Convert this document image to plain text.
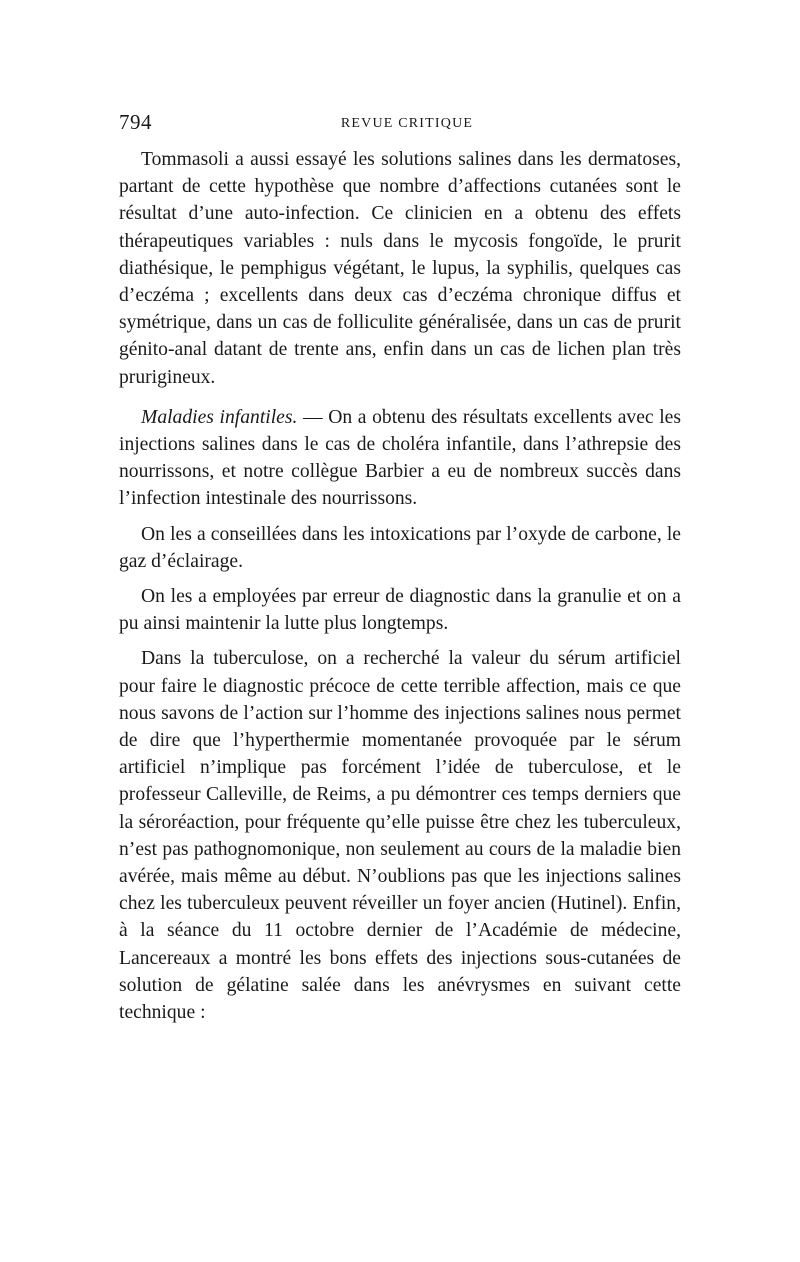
794	REVUE CRITIQUE

Tommasoli a aussi essayé les solutions salines dans les dermatoses, partant de cette hypothèse que nombre d’affections cutanées sont le résultat d’une auto-infection. Ce clinicien en a obtenu des effets thérapeutiques variables : nuls dans le mycosis fongoïde, le prurit diathésique, le pemphigus végétant, le lupus, la syphilis, quelques cas d’eczéma ; excellents dans deux cas d’eczéma chronique diffus et symétrique, dans un cas de folliculite généralisée, dans un cas de prurit génito-anal datant de trente ans, enfin dans un cas de lichen plan très prurigineux.

Maladies infantiles. — On a obtenu des résultats excellents avec les injections salines dans le cas de choléra infantile, dans l’athrepsie des nourrissons, et notre collègue Barbier a eu de nombreux succès dans l’infection intestinale des nourrissons.

On les a conseillées dans les intoxications par l’oxyde de carbone, le gaz d’éclairage.

On les a employées par erreur de diagnostic dans la granulie et on a pu ainsi maintenir la lutte plus longtemps.

Dans la tuberculose, on a recherché la valeur du sérum artificiel pour faire le diagnostic précoce de cette terrible affection, mais ce que nous savons de l’action sur l’homme des injections salines nous permet de dire que l’hyperthermie momentanée provoquée par le sérum artificiel n’implique pas forcément l’idée de tuberculose, et le professeur Calleville, de Reims, a pu démontrer ces temps derniers que la séroréaction, pour fréquente qu’elle puisse être chez les tuberculeux, n’est pas pathognomonique, non seulement au cours de la maladie bien avérée, mais même au début. N’oublions pas que les injections salines chez les tuberculeux peuvent réveiller un foyer ancien (Hutinel). Enfin, à la séance du 11 octobre dernier de l’Académie de médecine, Lancereaux a montré les bons effets des injections sous-cutanées de solution de gélatine salée dans les anévrysmes en suivant cette technique :
